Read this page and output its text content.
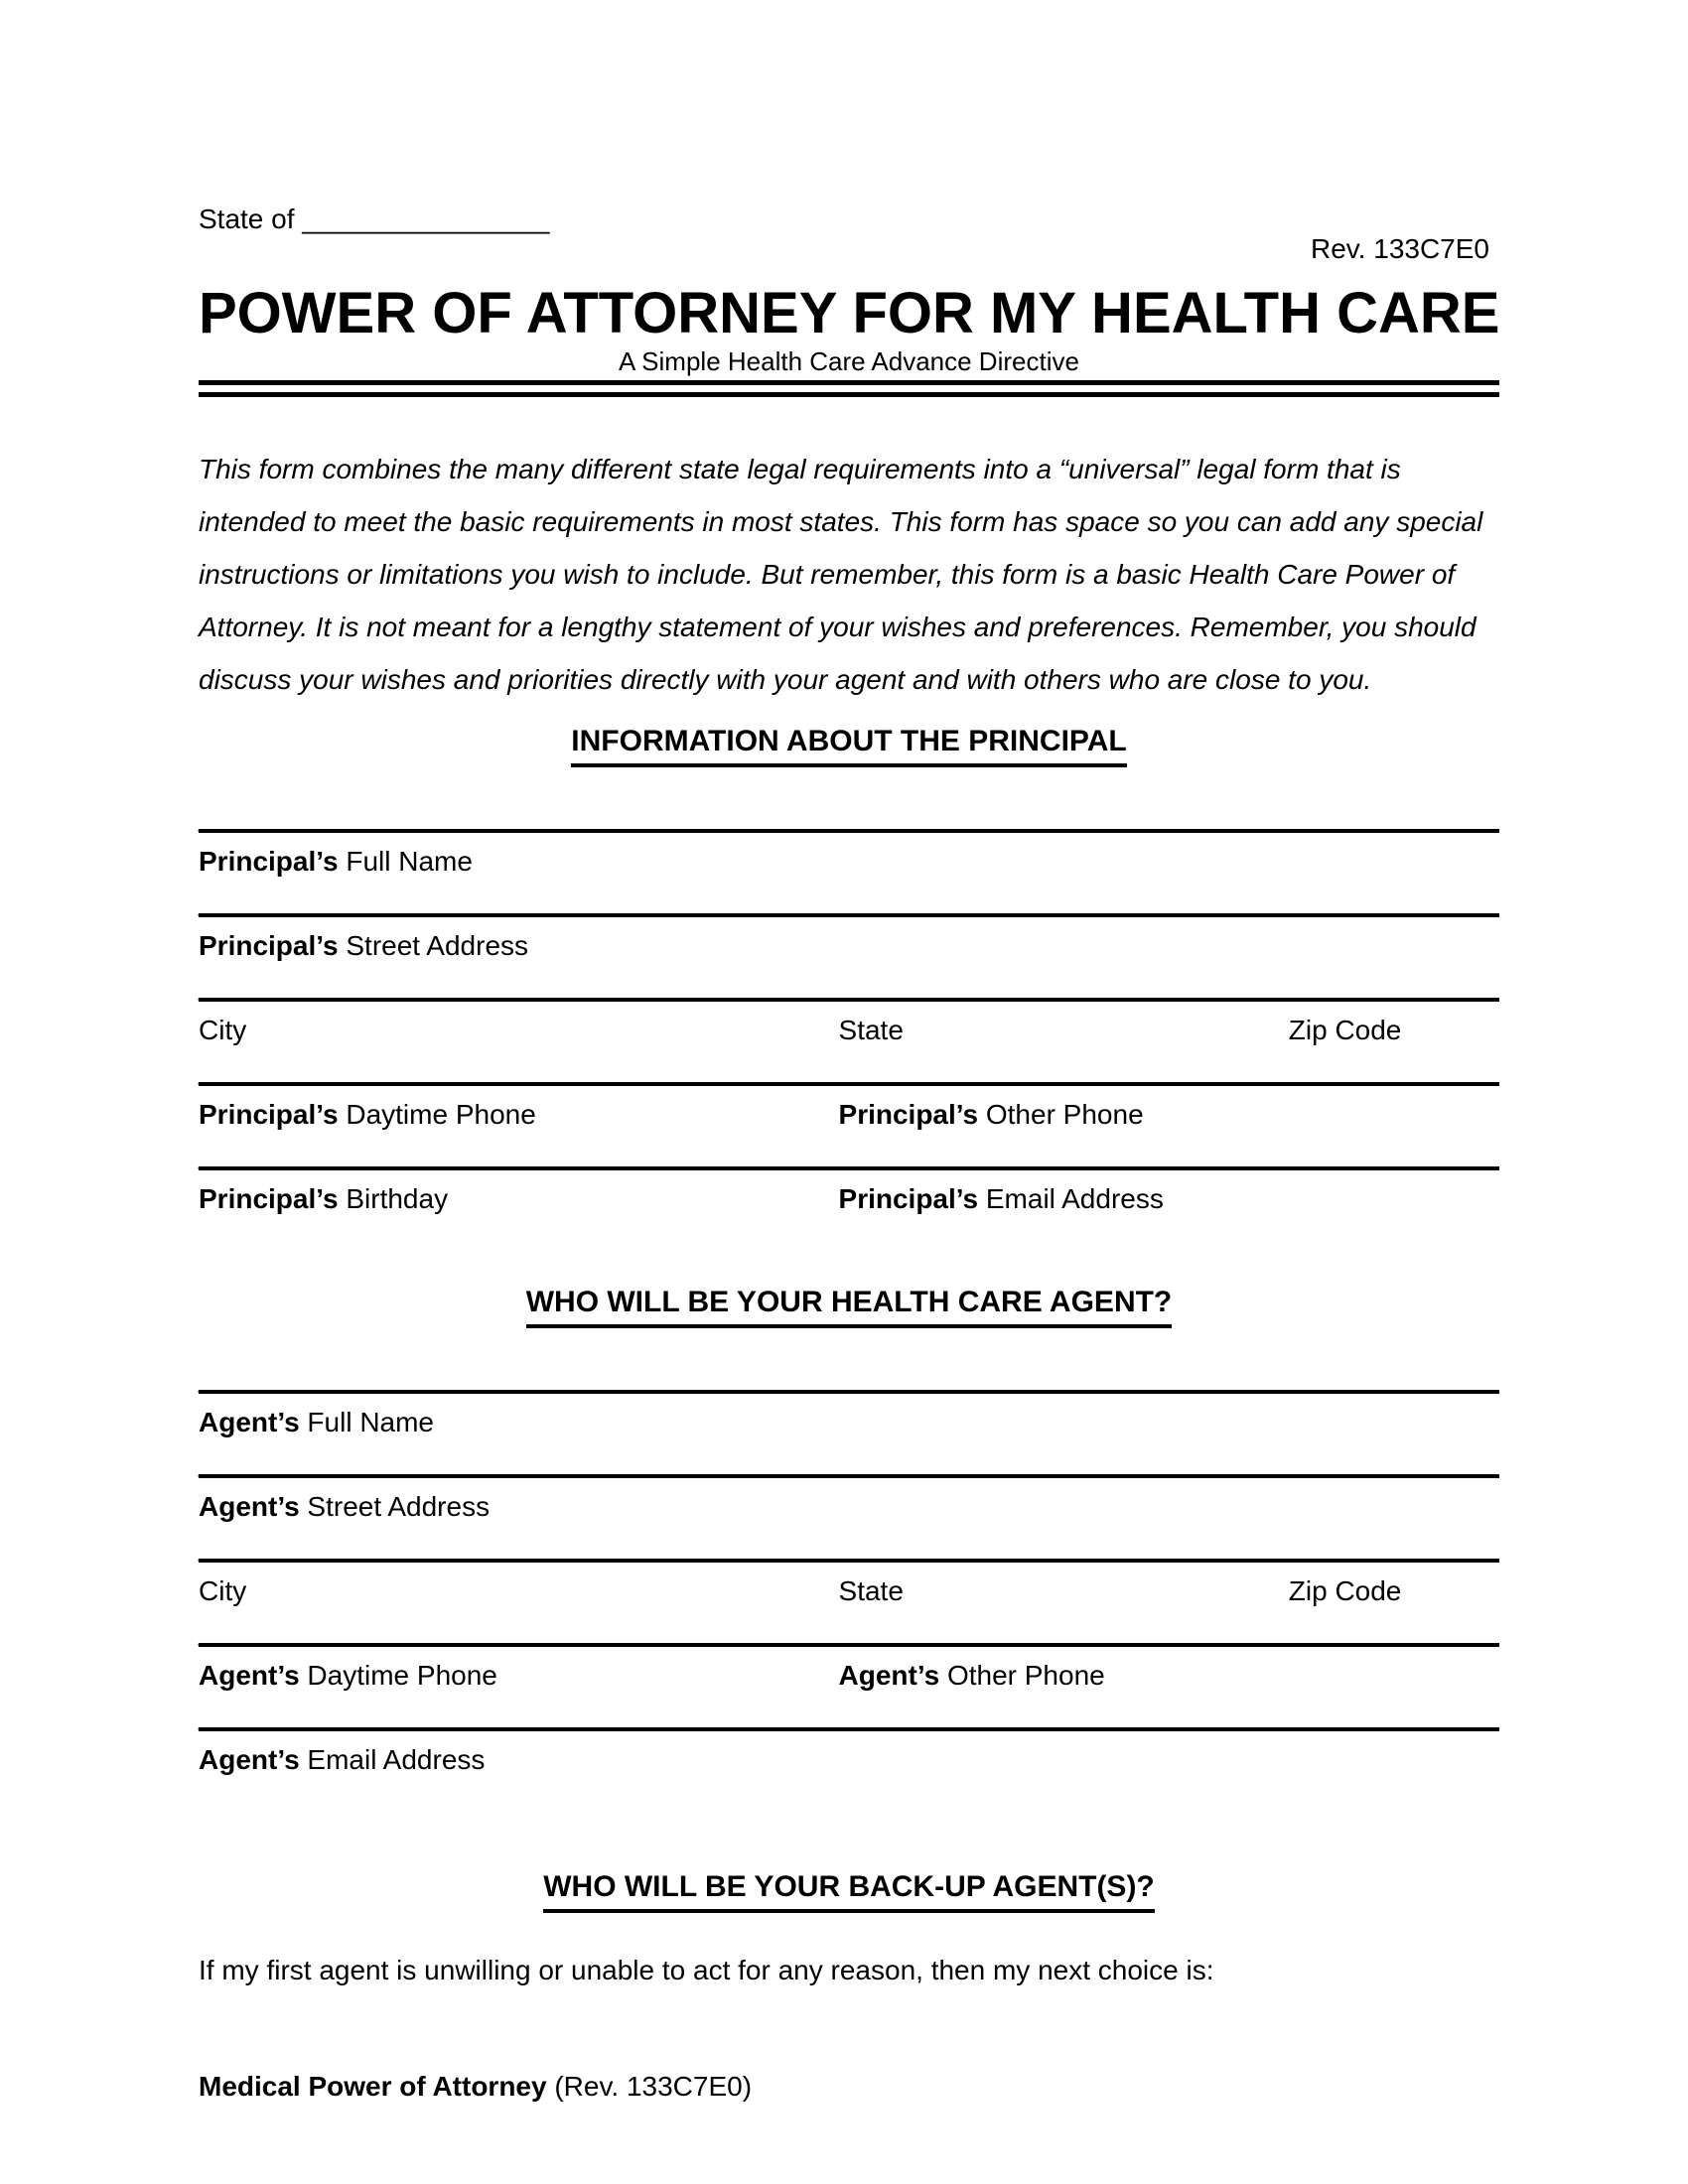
State of ________________
Rev. 133C7E0
POWER OF ATTORNEY FOR MY HEALTH CARE
A Simple Health Care Advance Directive

This form combines the many different state legal requirements into a “universal” legal form that is intended to meet the basic requirements in most states. This form has space so you can add any special instructions or limitations you wish to include. But remember, this form is a basic Health Care Power of Attorney. It is not meant for a lengthy statement of your wishes and preferences. Remember, you should discuss your wishes and priorities directly with your agent and with others who are close to you.

INFORMATION ABOUT THE PRINCIPAL
________________________
Principal’s Full Name
________________________________________
Principal’s Street Address
________________________	__________	__________
City	State	Zip Code
________________________	________________________
Principal’s Daytime Phone	Principal’s Other Phone
________________________	________________________
Principal’s Birthday	Principal’s Email Address
WHO WILL BE YOUR HEALTH CARE AGENT?
________________________
Agent’s Full Name
________________________________________
Agent’s Street Address
________________________	__________	__________
City	State	Zip Code
________________________	________________________
Agent’s Daytime Phone	Agent’s Other Phone
_________________________
Agent’s Email Address
WHO WILL BE YOUR BACK-UP AGENT(S)?

If my first agent is unwilling or unable to act for any reason, then my next choice is:

Medical Power of Attorney (Rev. 133C7E0)
